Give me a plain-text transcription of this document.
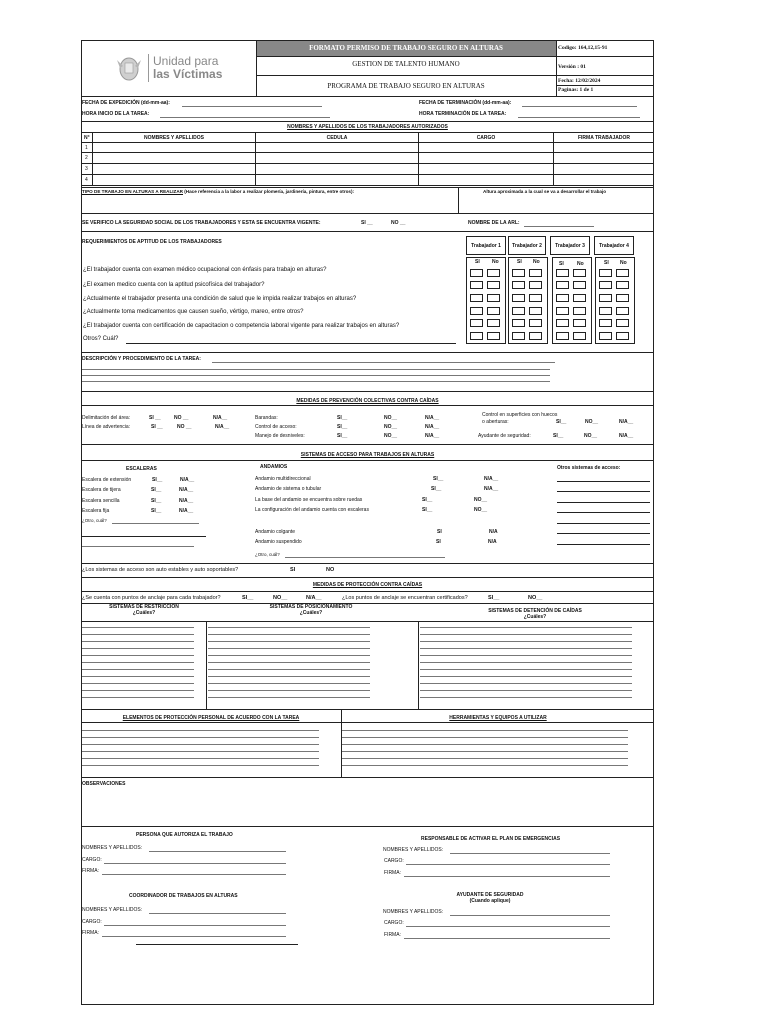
Unidad para
las Víctimas
FORMATO PERMISO DE TRABAJO SEGURO EN ALTURAS
GESTION DE TALENTO HUMANO
PROGRAMA DE TRABAJO SEGURO EN ALTURAS
Codigo: 164,12,15-91
Versión : 01
Fecha: 12/02/2024
Paginas: 1 de 1
FECHA DE EXPEDICIÓN (dd-mm-aa):
HORA INICIO DE LA TAREA:
FECHA DE TERMINACIÓN (dd-mm-aa):
HORA TERMINACIÓN DE LA TAREA:
NOMBRES Y APELLIDOS DE LOS TRABAJADORES AUTORIZADOS
N°	NOMBRES Y APELLIDOS	CEDULA	CARGO	FIRMA TRABAJADOR
1
2
3
4
TIPO DE TRABAJO EN ALTURAS A REALIZAR (Hace referencia a la labor a realizar plomería, jardinería, pintura, entre otros):	Altura aproximada a la cual se va a desarrollar el trabajo
SE VERIFICO LA SEGURIDAD SOCIAL DE LOS TRABAJADORES Y ESTA SE ENCUENTRA VIGENTE:	SI __	NO __	NOMBRE DE LA ARL:
REQUERIMIENTOS DE APTITUD DE LOS TRABAJADORES
Trabajador 1	Trabajador 2	Trabajador 3	Trabajador 4
SI No	SI No	SI	No	SI No
¿El trabajador cuenta con examen médico ocupacional con énfasis para trabajo en alturas?
¿El examen medico cuenta con la aptitud psicofísica del trabajador?
¿Actualmente el trabajador presenta una condición de salud que le impida realizar trabajos en alturas?
¿Actualmente toma medicamentos que causen sueño, vértigo, mareo, entre otros?
¿El trabajador cuenta con certificación de capacitacion o competencia laboral vigente para realizar trabajos en alturas?
Otros? Cuál?
DESCRIPCIÓN Y PROCEDIMIENTO DE LA TAREA:
MEDIDAS DE PREVENCIÓN COLECTIVAS CONTRA CAÍDAS
Delimitación del área:	SI __	NO __	N/A__
Línea de advertencia:	SI __	NO __	N/A__
Barandas:	SI__	NO__	N/A__
Control de acceso:	SI__	NO__	N/A__
Manejo de desniveles:	SI__	NO__	N/A__
Control en superficies con huecos
o aberturas:	SI__	NO__	N/A__
Ayudante de seguridad:	SI__	NO__	N/A__
SISTEMAS DE ACCESO PARA TRABAJOS EN ALTURAS
ESCALERAS
Escalera de extensión	SI__	N/A__
Escalera de tijera	SI__	N/A__
Escalera sencilla	SI__	N/A__
Escalera fija	SI__	N/A__
¿Otro, cuál?
ANDAMIOS
Andamio multidireccional	SI__	N/A__
Andamio de sistema o tubular	SI__	N/A__
La base del andamio se encuentra sobre ruedas	SI__	NO__
La configuración del andamio cuenta con escaleras	SI__	NO__
Andamio colgante	SI	N/A
Andamio suspendido	SI	N/A
¿Otro, cuál?
Otros sistemas de acceso:
¿Los sistemas de acceso son auto estables y auto soportables?	SI	NO
MEDIDAS DE PROTECCIÓN CONTRA CAÍDAS
¿Se cuenta con puntos de anclaje para cada trabajador?	SI__	NO__	N/A__	¿Los puntos de anclaje se encuentran certificados?	SI__	NO__
SISTEMAS DE RESTRICCION
¿Cuáles?
SISTEMAS DE POSICIONAMIENTO
¿Cuáles?	SISTEMAS DE DETENCIÓN DE CAÍDAS
¿Cuáles?
ELEMENTOS DE PROTECCIÓN PERSONAL DE ACUERDO CON LA TAREA	HERRAMIENTAS Y EQUIPOS A UTILIZAR
OBSERVACIONES
PERSONA QUE AUTORIZA EL TRABAJO
NOMBRES Y APELLIDOS:
CARGO:
FIRMA:
RESPONSABLE DE ACTIVAR EL PLAN DE EMERGENCIAS
NOMBRES Y APELLIDOS:
CARGO:
FIRMA:
COORDINADOR DE TRABAJOS EN ALTURAS
NOMBRES Y APELLIDOS:
CARGO:
FIRMA:
AYUDANTE DE SEGURIDAD
(Cuando aplique)
NOMBRES Y APELLIDOS:
CARGO:
FIRMA:
